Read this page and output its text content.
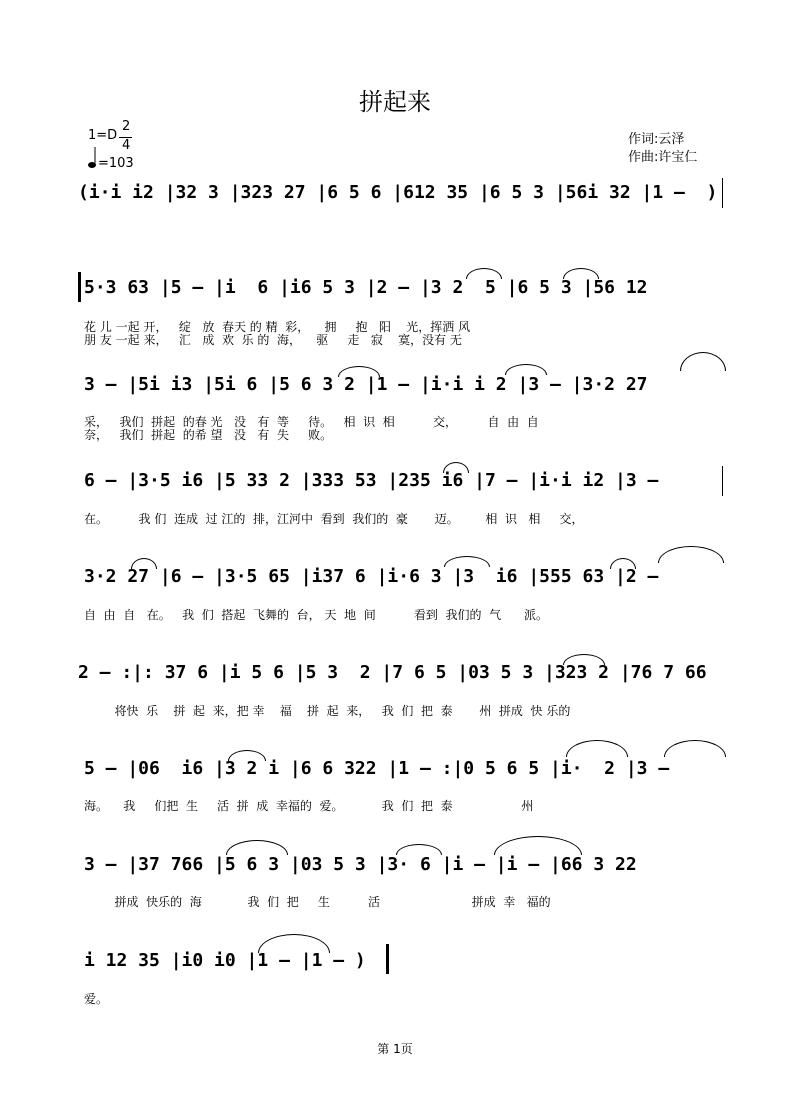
拼起来
1=D
2
4
=103
作词:云泽
作曲:许宝仁
(i·i i2 |32 3 |323 27 |6 5 6 |612 35 |6 5 3 |56i 32 |1 –  )
5·3 63 |5 – |i  6 |i6 5 3 |2 – |3 2  5 |6 5 3 |56 12
花 儿 一起 开，   绽   放  春天 的 精  彩，    拥     抱   阳    光，挥洒 风
朋 友 一起 来，   汇   成  欢  乐 的  海，    驱     走   寂    寞，没有 无
3 – |5i i3 |5i 6 |5 6 3 2 |1 – |i·i i 2 |3 – |3·2 27
采，   我们  拼起  的春 光   没   有  等     待。   相  识  相          交，        自  由  自
奈，   我们  拼起  的希 望   没   有  失     败。
6 – |3·5 i6 |5 33 2 |333 53 |235 i6 |7 – |i·i i2 |3 –
在。        我 们  连成  过 江的  排，江河中  看到  我们的  豪       迈。       相  识   相     交，
3·2 27 |6 – |3·5 65 |i37 6 |i·6 3 |3  i6 |555 63 |2 –
自  由  自   在。   我  们  搭起  飞舞的  台， 天  地  间          看到  我们的  气      派。
2 – :|: 37 6 |i 5 6 |5 3  2 |7 6 5 |03 5 3 |323 2 |76 7 66
将快  乐    拼  起  来，把 幸    福    拼  起  来，   我  们  把  泰       州  拼成  快 乐的
5 – |06  i6 |3 2 i |6 6 322 |1 – :|0 5 6 5 |i·  2 |3 –
海。    我     们把  生     活  拼  成  幸福的  爱。          我  们  把  泰                  州
3 – |37 766 |5 6 3 |03 5 3 |3· 6 |i – |i – |66 3 22
拼成  快乐的  海            我  们  把     生          活                        拼成  幸   福的
i 12 35 |i0 i0 |1 – |1 – )
爱。
第 1页
